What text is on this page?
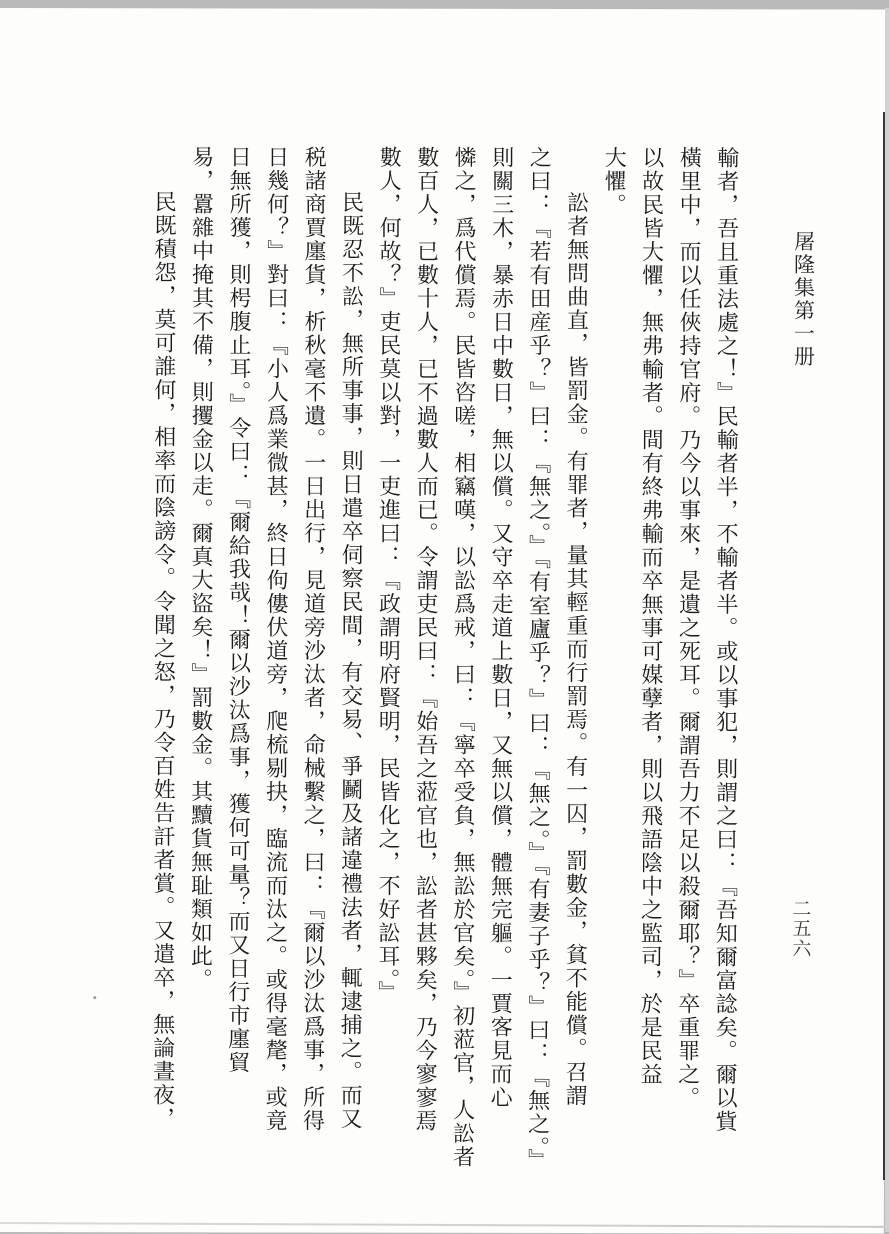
屠隆集第一册
二五六
輸者，吾且重法處之！』民輸者半，不輸者半。或以事犯，則謂之曰：『吾知爾富諗矣。爾以貲
橫里中，而以任俠持官府。乃今以事來，是遺之死耳。爾謂吾力不足以殺爾耶？』卒重罪之。
以故民皆大懼，無弗輸者。間有終弗輸而卒無事可媒孽者，則以飛語陰中之監司，於是民益
大懼。
訟者無問曲直，皆罰金。有罪者，量其輕重而行罰焉。有一囚，罰數金，貧不能償。召謂
之曰：『若有田産乎？』曰：『無之。』『有室廬乎？』曰：『無之。』『有妻子乎？』曰：『無之。』
則關三木，暴赤日中數日，無以償。又守卒走道上數日，又無以償，體無完軀。一賈客見而心
憐之，爲代償焉。民皆咨嗟，相竊嘆，以訟爲戒，曰：『寧卒受負，無訟於官矣。』初蒞官，人訟者
數百人，已數十人，已不過數人而已。令謂吏民曰：『始吾之蒞官也，訟者甚夥矣，乃今寥寥焉
數人，何故？』吏民莫以對，一吏進曰：『政謂明府賢明，民皆化之，不好訟耳。』
民既忍不訟，無所事事，則日遣卒伺察民間，有交易、爭鬭及諸違禮法者，輒逮捕之。而又
税諸商賈廛貨，析秋毫不遺。一日出行，見道旁沙汰者，命械繫之，曰：『爾以沙汰爲事，所得
日幾何？』對曰：『小人爲業微甚，終日佝僂伏道旁，爬梳剔抉，臨流而汰之。或得毫氂，或竟
日無所獲，則枵腹止耳。』令曰：『爾給我哉！爾以沙汰爲事，獲何可量？而又日行市廛貿
易，囂雜中掩其不備，則攫金以走。爾真大盜矣！』罰數金。其黷貨無耻類如此。
民既積怨，莫可誰何，相率而陰謗令。令聞之怒，乃令百姓告訐者賞。又遣卒，無論晝夜，
